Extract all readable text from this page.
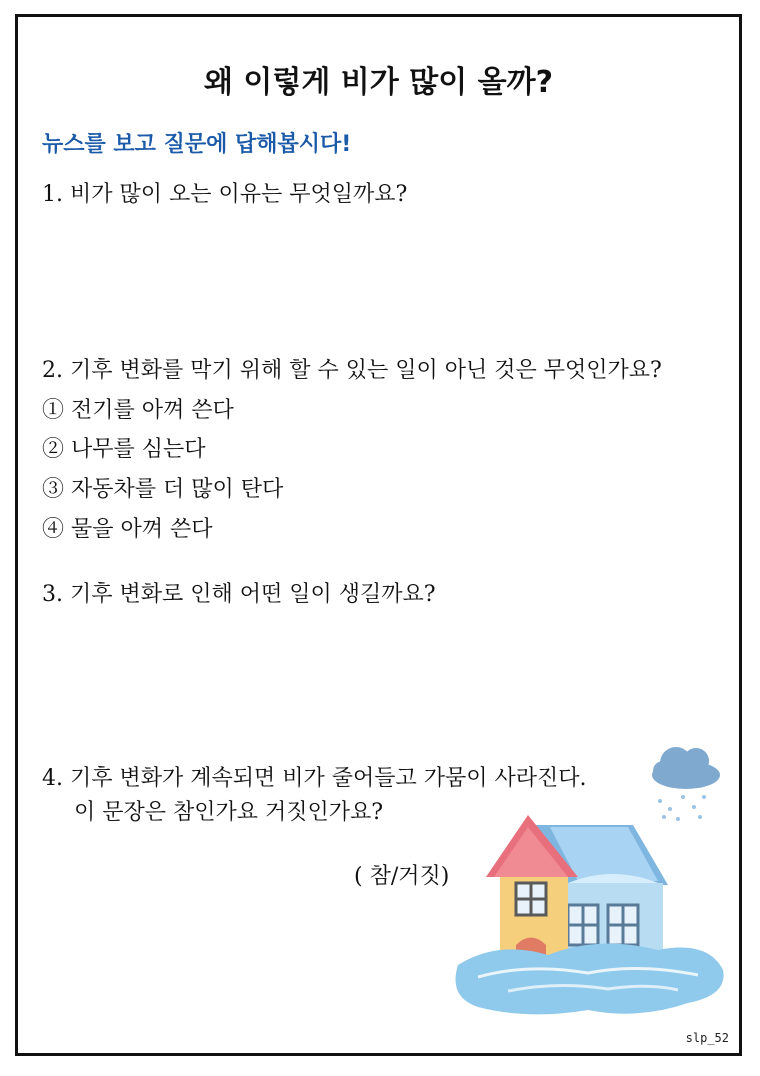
왜 이렇게 비가 많이 올까?
뉴스를 보고 질문에 답해봅시다!
1. 비가 많이 오는 이유는 무엇일까요?
2. 기후 변화를 막기 위해 할 수 있는 일이 아닌 것은 무엇인가요?
① 전기를 아껴 쓴다
② 나무를 심는다
③ 자동차를 더 많이 탄다
④ 물을 아껴 쓴다
3. 기후 변화로 인해 어떤 일이 생길까요?
4. 기후 변화가 계속되면 비가 줄어들고 가뭄이 사라진다.
이 문장은 참인가요 거짓인가요?
( 참/거짓)
slp_52
